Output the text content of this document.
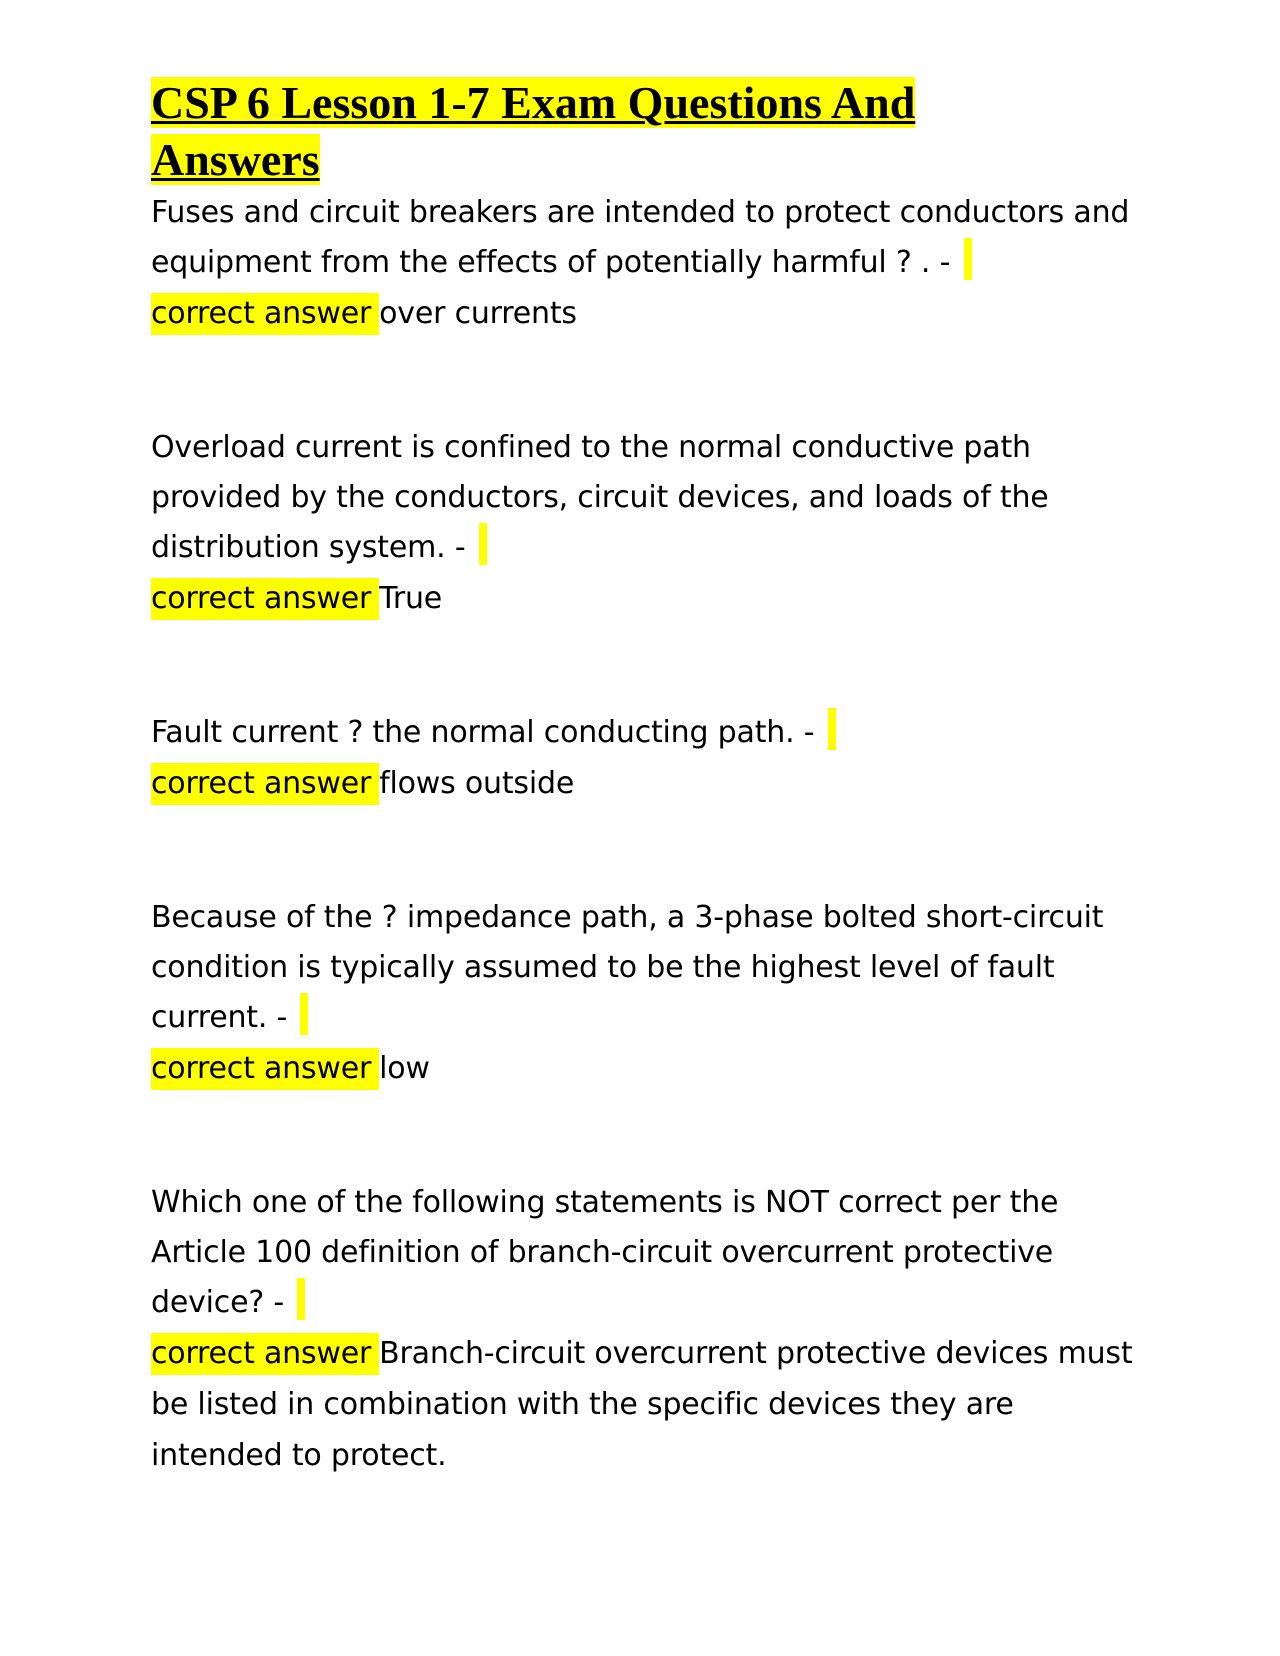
CSP 6 Lesson 1-7 Exam Questions And
Answers

Fuses and circuit breakers are intended to protect conductors and equipment from the effects of potentially harmful ? . -

correct answerover currents

Overload current is confined to the normal conductive path provided by the conductors, circuit devices, and loads of the distribution system. -

correct answerTrue

Fault current ? the normal conducting path. -

correct answerflows outside

Because of the ? impedance path, a 3-phase bolted short-circuit condition is typically assumed to be the highest level of fault current. -

correct answerlow

Which one of the following statements is NOT correct per the Article 100 definition of branch-circuit overcurrent protective device? -

correct answerBranch-circuit overcurrent protective devices must be listed in combination with the specific devices they are intended to protect.
